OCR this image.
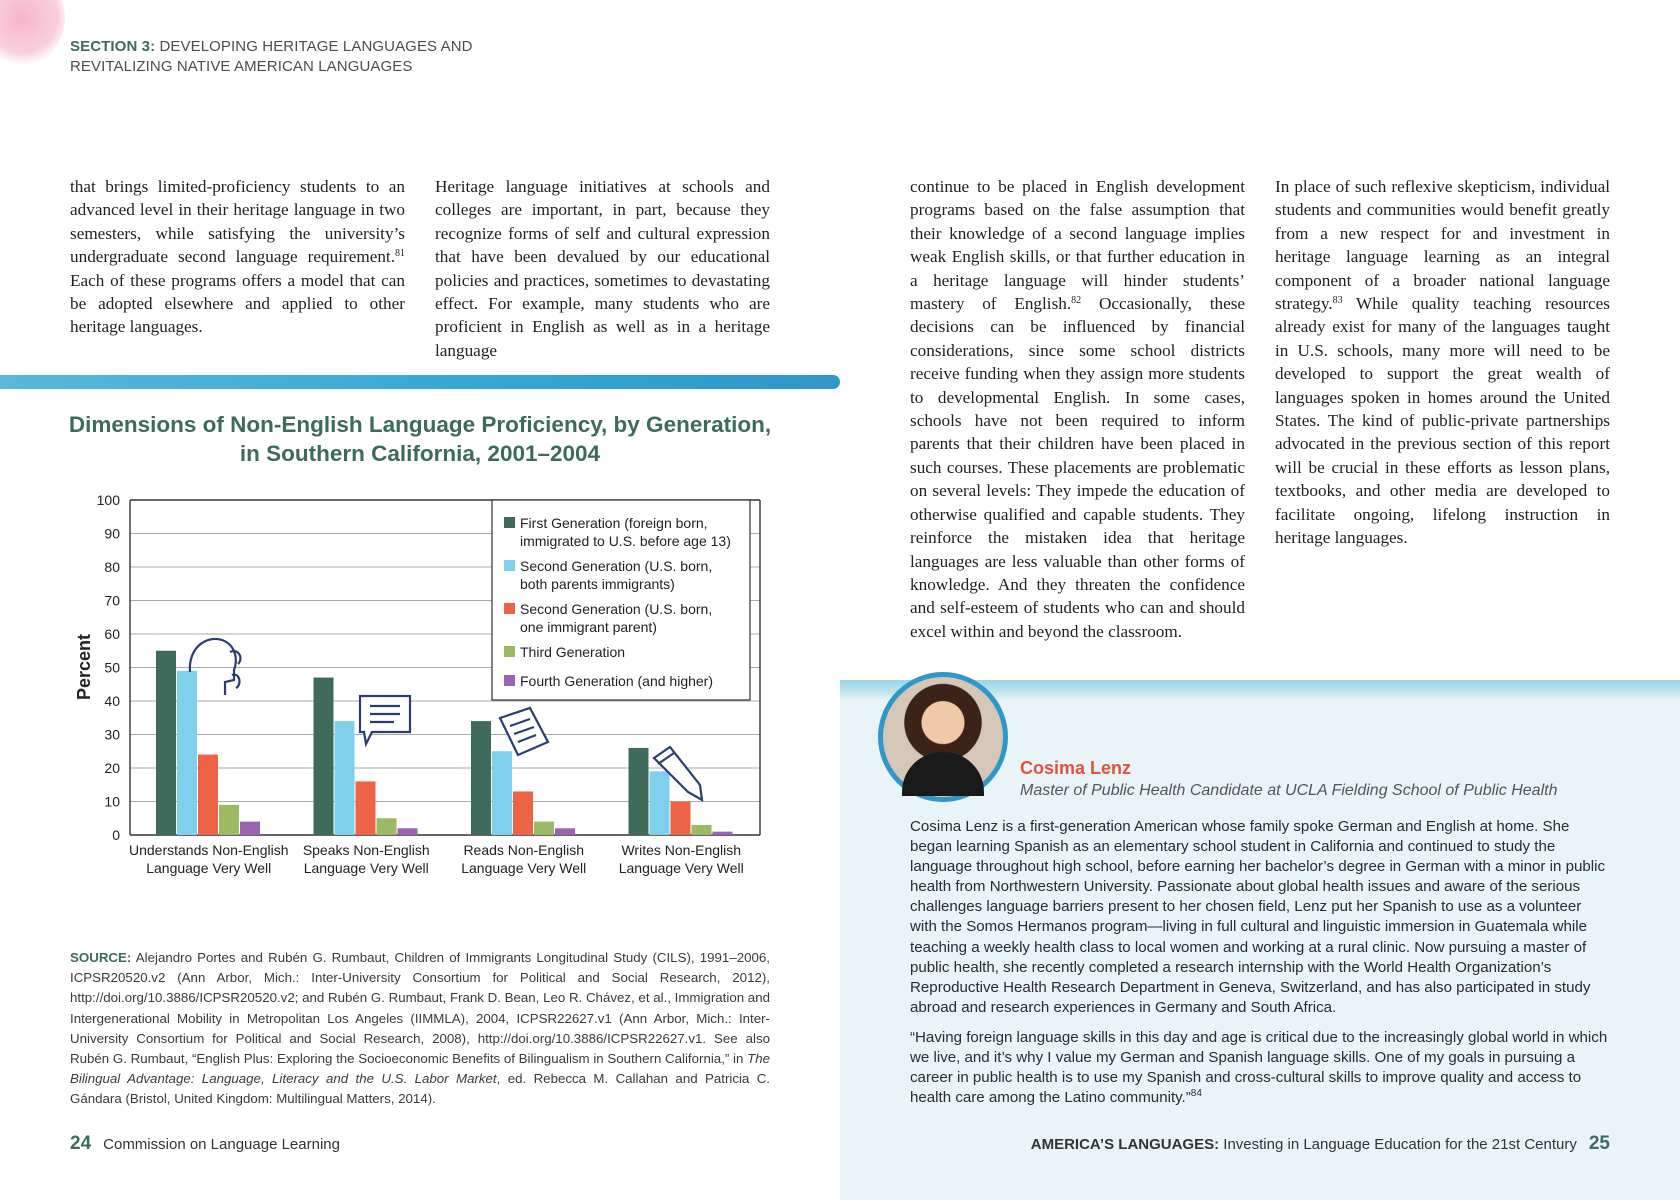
SECTION 3: DEVELOPING HERITAGE LANGUAGES AND
REVITALIZING NATIVE AMERICAN LANGUAGES
that brings limited-proficiency students to an advanced level in their heritage language in two semesters, while satisfying the university’s undergraduate second language requirement.$^{81}$ Each of these programs offers a model that can be adopted elsewhere and applied to other heritage languages.
Heritage language initiatives at schools and colleges are important, in part, because they recognize forms of self and cultural expression that have been devalued by our educational policies and practices, sometimes to devastating effect. For example, many students who are proficient in English as well as in a heritage language
continue to be placed in English development programs based on the false assumption that their knowledge of a second language implies weak English skills, or that further education in a heritage language will hinder students’ mastery of English.$^{82}$ Occasionally, these decisions can be influenced by financial considerations, since some school districts receive funding when they assign more students to developmental English. In some cases, schools have not been required to inform parents that their children have been placed in such courses. These placements are problematic on several levels: They impede the education of otherwise qualified and capable students. They reinforce the mistaken idea that heritage languages are less valuable than other forms of knowledge. And they threaten the confidence and self-esteem of students who can and should excel within and beyond the classroom.
In place of such reflexive skepticism, individual students and communities would benefit greatly from a new respect for and investment in heritage language learning as an integral component of a broader national language strategy.$^{83}$ While quality teaching resources already exist for many of the languages taught in U.S. schools, many more will need to be developed to support the great wealth of languages spoken in homes around the United States. The kind of public-private partnerships advocated in the previous section of this report will be crucial in these efforts as lesson plans, textbooks, and other media are developed to facilitate ongoing, lifelong instruction in heritage languages.
Dimensions of Non-English Language Proficiency, by Generation,
in Southern California, 2001–2004
0
10
20
30
40
50
60
70
80
90
100
Understands Non-English
Language Very Well
Speaks Non-English
Language Very Well
Reads Non-English
Language Very Well
Writes Non-English
Language Very Well
Percent
First Generation (foreign born,
immigrated to U.S. before age 13)
Second Generation (U.S. born,
both parents immigrants)
Second Generation (U.S. born,
one immigrant parent)
Third Generation
Fourth Generation (and higher)
SOURCE: Alejandro Portes and Rubén G. Rumbaut, Children of Immigrants Longitudinal Study (CILS), 1991–2006, ICPSR20520.v2 (Ann Arbor, Mich.: Inter-University Consortium for Political and Social Research, 2012), http://doi.org/10.3886/ICPSR20520.v2; and Rubén G. Rumbaut, Frank D. Bean, Leo R. Chávez, et al., Immigration and Intergenerational Mobility in Metropolitan Los Angeles (IIMMLA), 2004, ICPSR22627.v1 (Ann Arbor, Mich.: Inter-University Consortium for Political and Social Research, 2008), http://doi.org/10.3886/ICPSR22627.v1. See also Rubén G. Rumbaut, “English Plus: Exploring the Socioeconomic Benefits of Bilingualism in Southern California,” in The Bilingual Advantage: Language, Literacy and the U.S. Labor Market, ed. Rebecca M. Callahan and Patricia C. Gándara (Bristol, United Kingdom: Multilingual Matters, 2014).
24 Commission on Language Learning
Cosima Lenz
Master of Public Health Candidate at UCLA Fielding School of Public Health
Cosima Lenz is a first-generation American whose family spoke German and English at home. She began learning Spanish as an elementary school student in California and continued to study the language throughout high school, before earning her bachelor’s degree in German with a minor in public health from Northwestern University. Passionate about global health issues and aware of the serious challenges language barriers present to her chosen field, Lenz put her Spanish to use as a volunteer with the Somos Hermanos program—living in full cultural and linguistic immersion in Guatemala while teaching a weekly health class to local women and working at a rural clinic. Now pursuing a master of public health, she recently completed a research internship with the World Health Organization’s Reproductive Health Research Department in Geneva, Switzerland, and has also participated in study abroad and research experiences in Germany and South Africa.
“Having foreign language skills in this day and age is critical due to the increasingly global world in which we live, and it’s why I value my German and Spanish language skills. One of my goals in pursuing a career in public health is to use my Spanish and cross-cultural skills to improve quality and access to health care among the Latino community.”$^{84}$
AMERICA’S LANGUAGES: Investing in Language Education for the 21st Century 25
